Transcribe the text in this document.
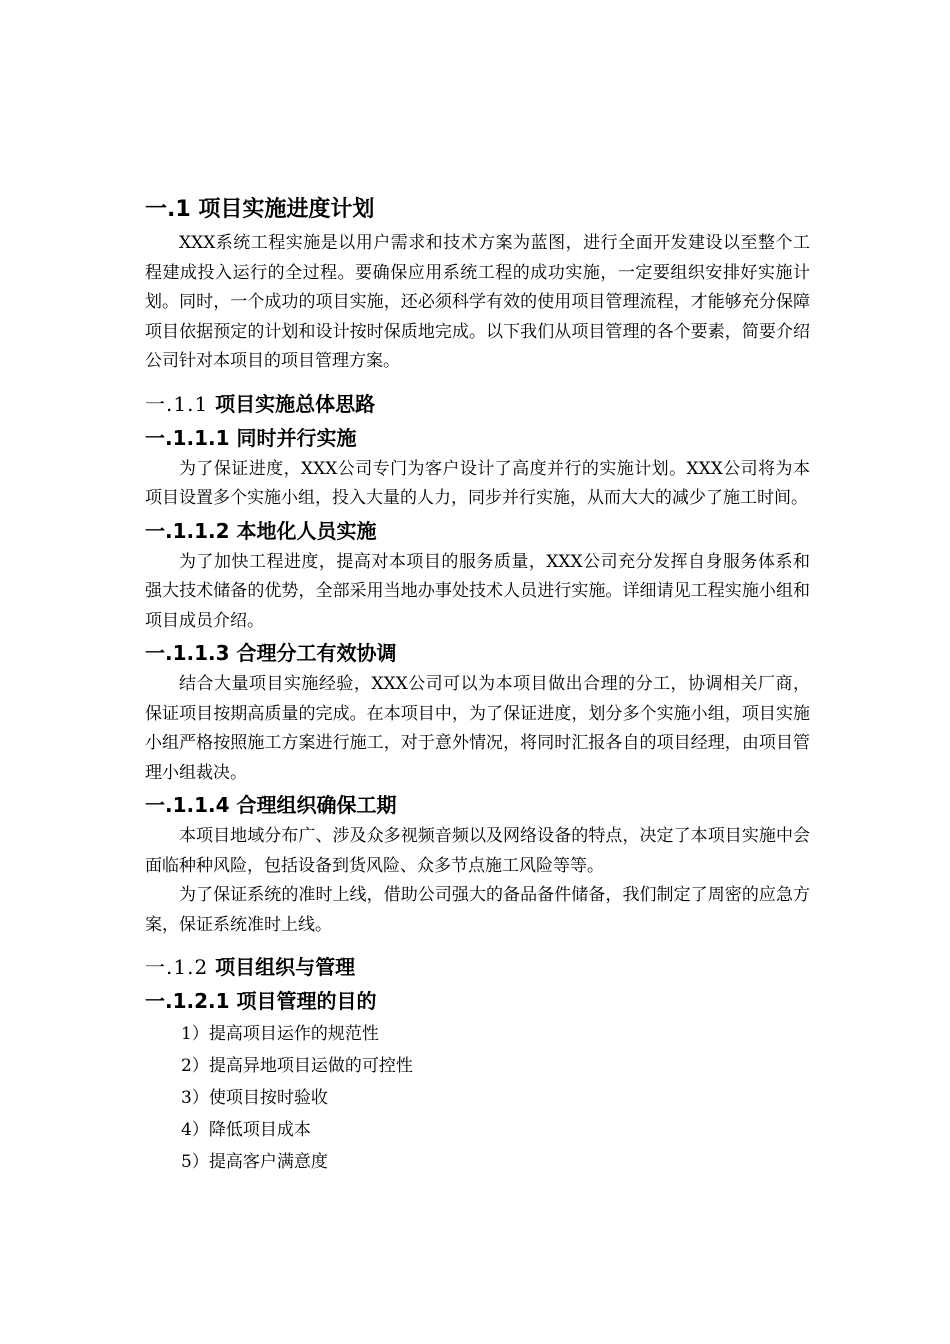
一.1 项目实施进度计划

XXX系统工程实施是以用户需求和技术方案为蓝图，进行全面开发建设以至整个工程建成投入运行的全过程。要确保应用系统工程的成功实施，一定要组织安排好实施计划。同时，一个成功的项目实施，还必须科学有效的使用项目管理流程，才能够充分保障项目依据预定的计划和设计按时保质地完成。以下我们从项目管理的各个要素，简要介绍公司针对本项目的项目管理方案。

一.1.1 项目实施总体思路
一.1.1.1 同时并行实施

为了保证进度，XXX公司专门为客户设计了高度并行的实施计划。XXX公司将为本项目设置多个实施小组，投入大量的人力，同步并行实施，从而大大的减少了施工时间。

一.1.1.2 本地化人员实施

为了加快工程进度，提高对本项目的服务质量，XXX公司充分发挥自身服务体系和强大技术储备的优势，全部采用当地办事处技术人员进行实施。详细请见工程实施小组和项目成员介绍。

一.1.1.3 合理分工有效协调

结合大量项目实施经验，XXX公司可以为本项目做出合理的分工，协调相关厂商，保证项目按期高质量的完成。在本项目中，为了保证进度，划分多个实施小组，项目实施小组严格按照施工方案进行施工，对于意外情况，将同时汇报各自的项目经理，由项目管理小组裁决。

一.1.1.4 合理组织确保工期

本项目地域分布广、涉及众多视频音频以及网络设备的特点，决定了本项目实施中会面临种种风险，包括设备到货风险、众多节点施工风险等等。

为了保证系统的准时上线，借助公司强大的备品备件储备，我们制定了周密的应急方案，保证系统准时上线。

一.1.2 项目组织与管理
一.1.2.1 项目管理的目的

1）提高项目运作的规范性

2）提高异地项目运做的可控性

3）使项目按时验收

4）降低项目成本

5）提高客户满意度
